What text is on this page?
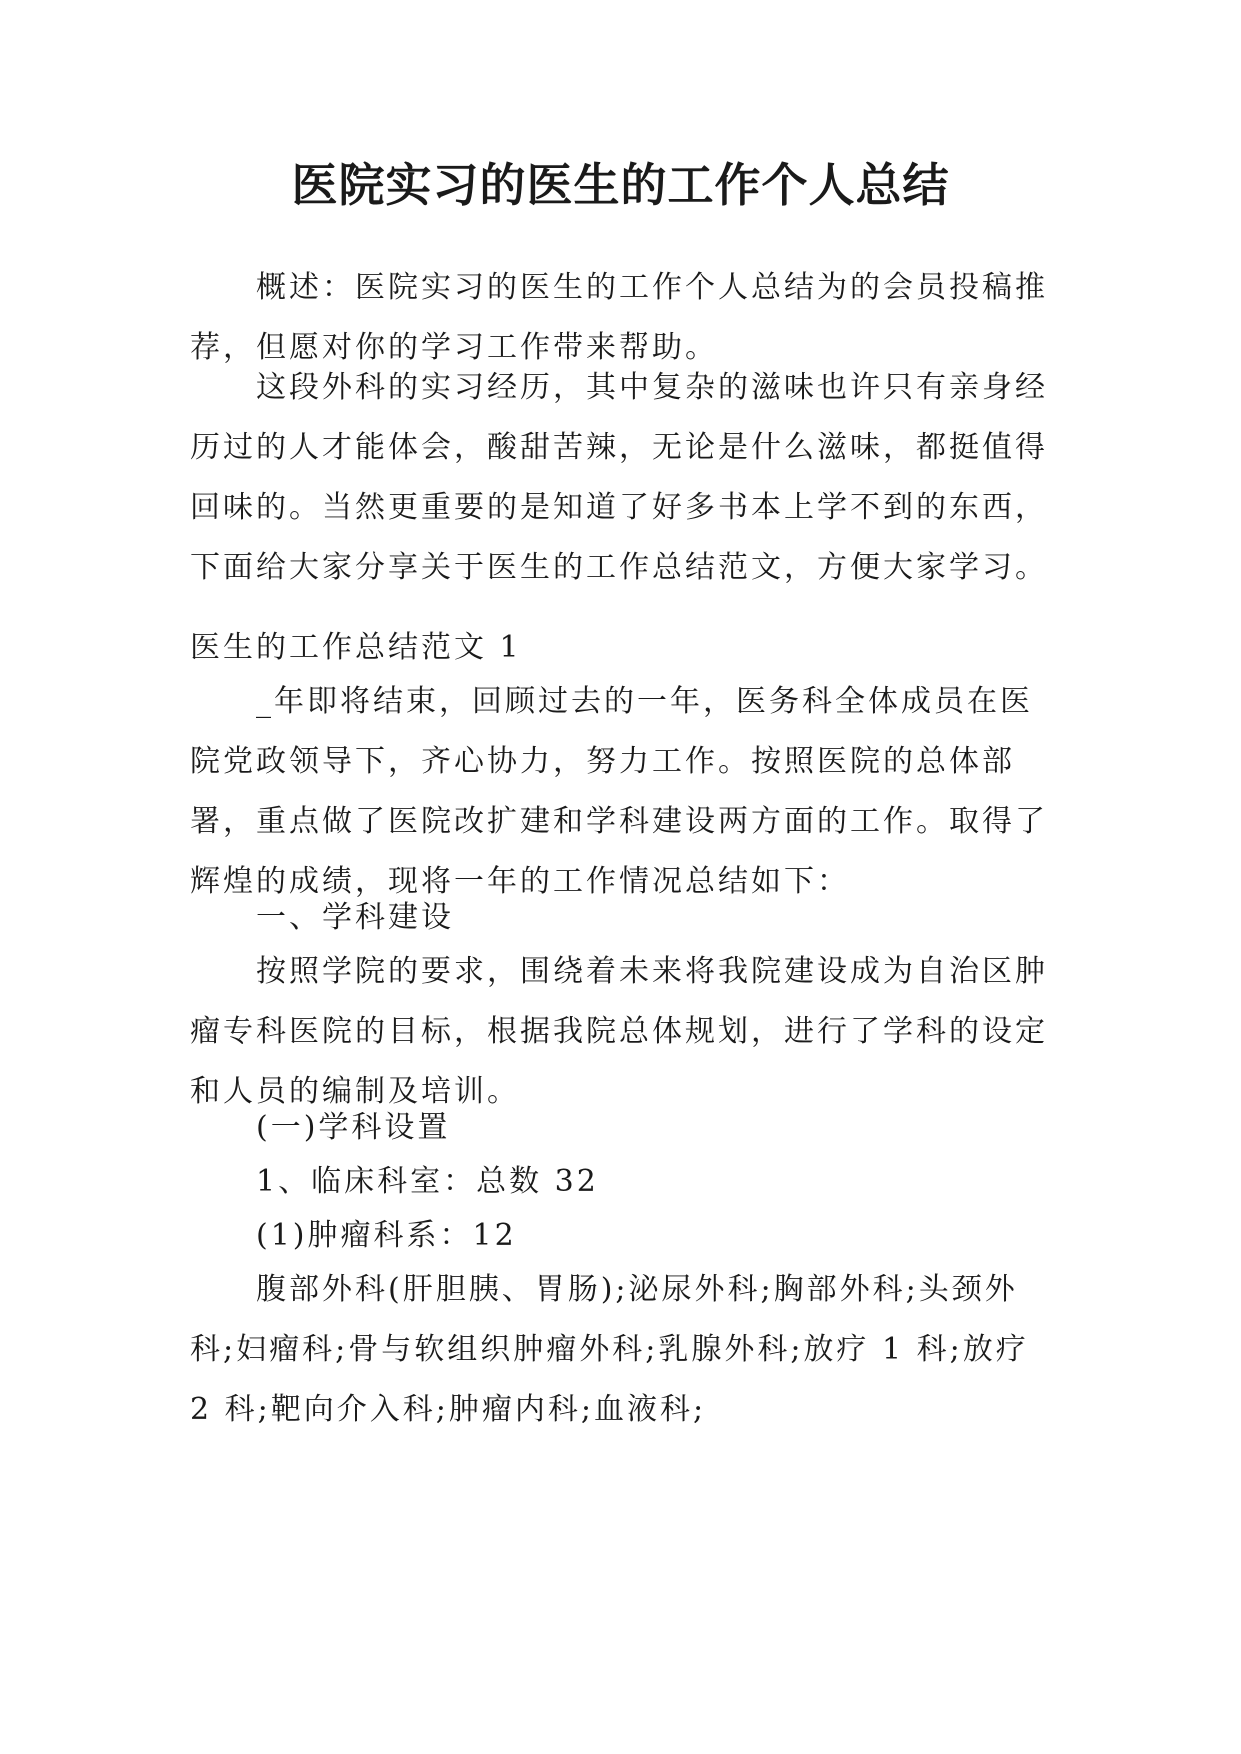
医院实习的医生的工作个人总结

概述：医院实习的医生的工作个人总结为的会员投稿推荐，但愿对你的学习工作带来帮助。

这段外科的实习经历，其中复杂的滋味也许只有亲身经历过的人才能体会，酸甜苦辣，无论是什么滋味，都挺值得回味的。当然更重要的是知道了好多书本上学不到的东西，下面给大家分享关于医生的工作总结范文，方便大家学习。

医生的工作总结范文 1

_年即将结束，回顾过去的一年，医务科全体成员在医院党政领导下，齐心协力，努力工作。按照医院的总体部署，重点做了医院改扩建和学科建设两方面的工作。取得了辉煌的成绩，现将一年的工作情况总结如下：

一、学科建设

按照学院的要求，围绕着未来将我院建设成为自治区肿瘤专科医院的目标，根据我院总体规划，进行了学科的设定和人员的编制及培训。

(一)学科设置

1、临床科室：总数 32

(1)肿瘤科系：12

腹部外科(肝胆胰、胃肠);泌尿外科;胸部外科;头颈外科;妇瘤科;骨与软组织肿瘤外科;乳腺外科;放疗 1 科;放疗 2 科;靶向介入科;肿瘤内科;血液科;
